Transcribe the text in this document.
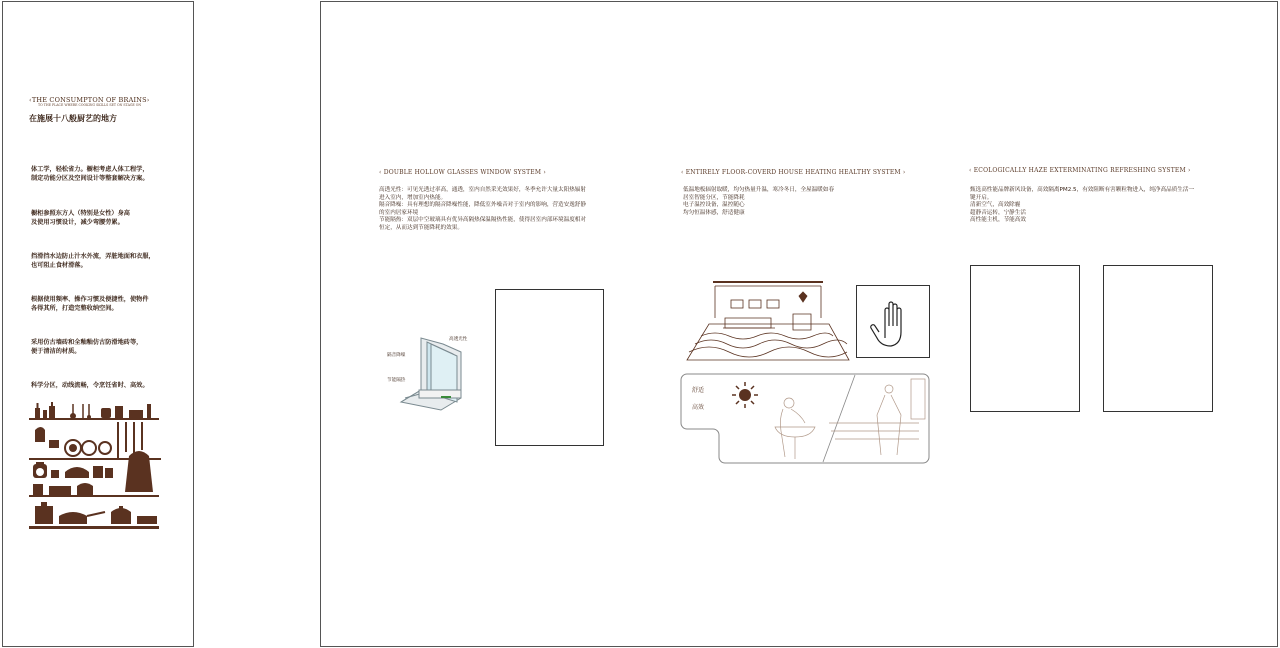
‹THE CONSUMPTON OF BRAINS›
TO THE PLACE WHERE COOKING SKILLS SET ON STAGE ON
在施展十八般厨艺的地方
体工学，轻松省力。橱柜考虑人体工程学，
制定功能分区及空间设计等整套解决方案。
橱柜参照东方人（特别是女性）身高
及使用习惯设计，减少弯腰劳累。
挡滑挡水边防止汁水外流，弄脏地面和衣服，
也可阻止食材滑落。
根据使用频率、操作习惯及便捷性，使物件
各得其所，打造完整收纳空间。
采用仿古墙砖和全釉釉仿古防滑地砖等，
便于清洁的材质。
科学分区，动线流畅，令烹饪省时、高效。
‹ DOUBLE HOLLOW GLASSES WINDOW SYSTEM ›
高透光性：可见光透过率高，通透，室内自然采光效果好，冬季允许大量太阳热辐射
进入室内，增加室内热能。
隔音降噪：具有理想的隔音降噪性能，降低室外噪音对于室内的影响，营造安逸舒静
的室内居家环境
节能隔热：双层中空玻璃具有优异高隔热保温隔热性能，使得居室内部环境温度相对
恒定，从而达到节能降耗的效果。
高透光性
隔音降噪
节能隔热
‹ ENTIRELY FLOOR-COVERD HOUSE HEATING HEALTHY SYSTEM ›
低温地板辐射取暖，均匀热量升温，寒冷冬日，全屋温暖如春
居室智能分区，节能降耗
电子温控设备，温控随心
均匀恒温体感，舒适健康
舒适
高效
‹ ECOLOGICALLY HAZE EXTERMINATING REFRESHING SYSTEM ›
甄选高性能品牌新风设备，高效隔离PM2.5，有效阻断有害颗粒物进入，纯净高品质生活一
键开启。
清新空气，高效除霾
超静音运转，宁静生活
高性能主机，节能高效
